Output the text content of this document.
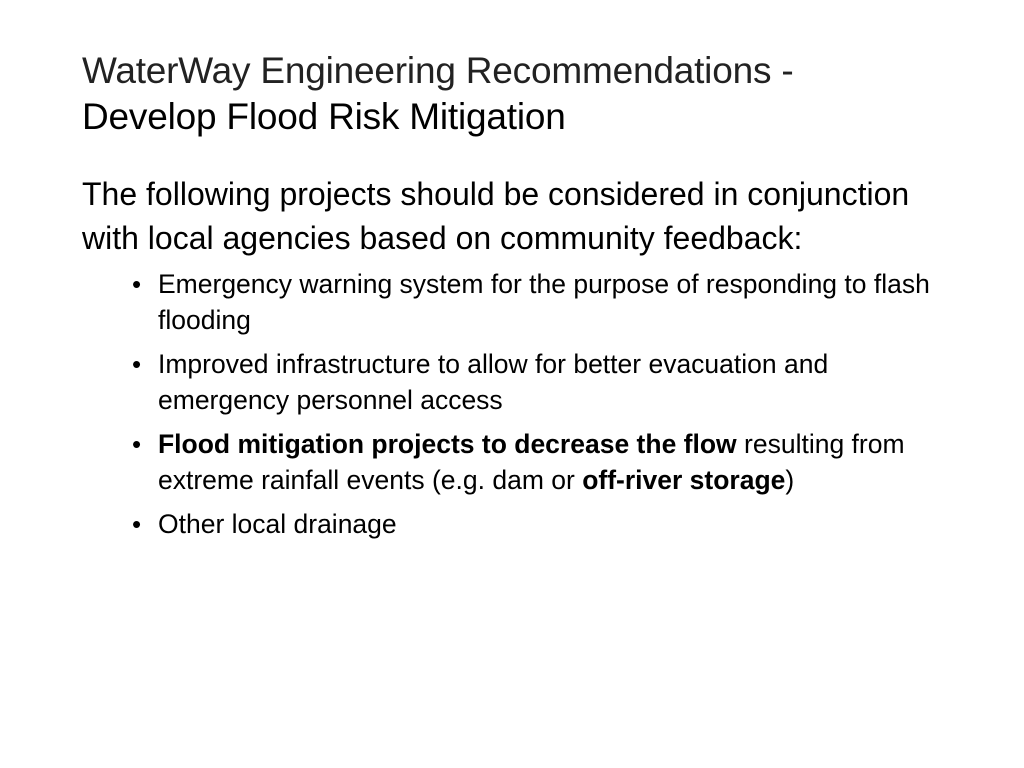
WaterWay Engineering Recommendations -
Develop Flood Risk Mitigation

The following projects should be considered in conjunction with local agencies based on community feedback:

• Emergency warning system for the purpose of responding to flash flooding
• Improved infrastructure to allow for better evacuation and emergency personnel access
• Flood mitigation projects to decrease the flow resulting from extreme rainfall events (e.g. dam or off-river storage)
• Other local drainage
